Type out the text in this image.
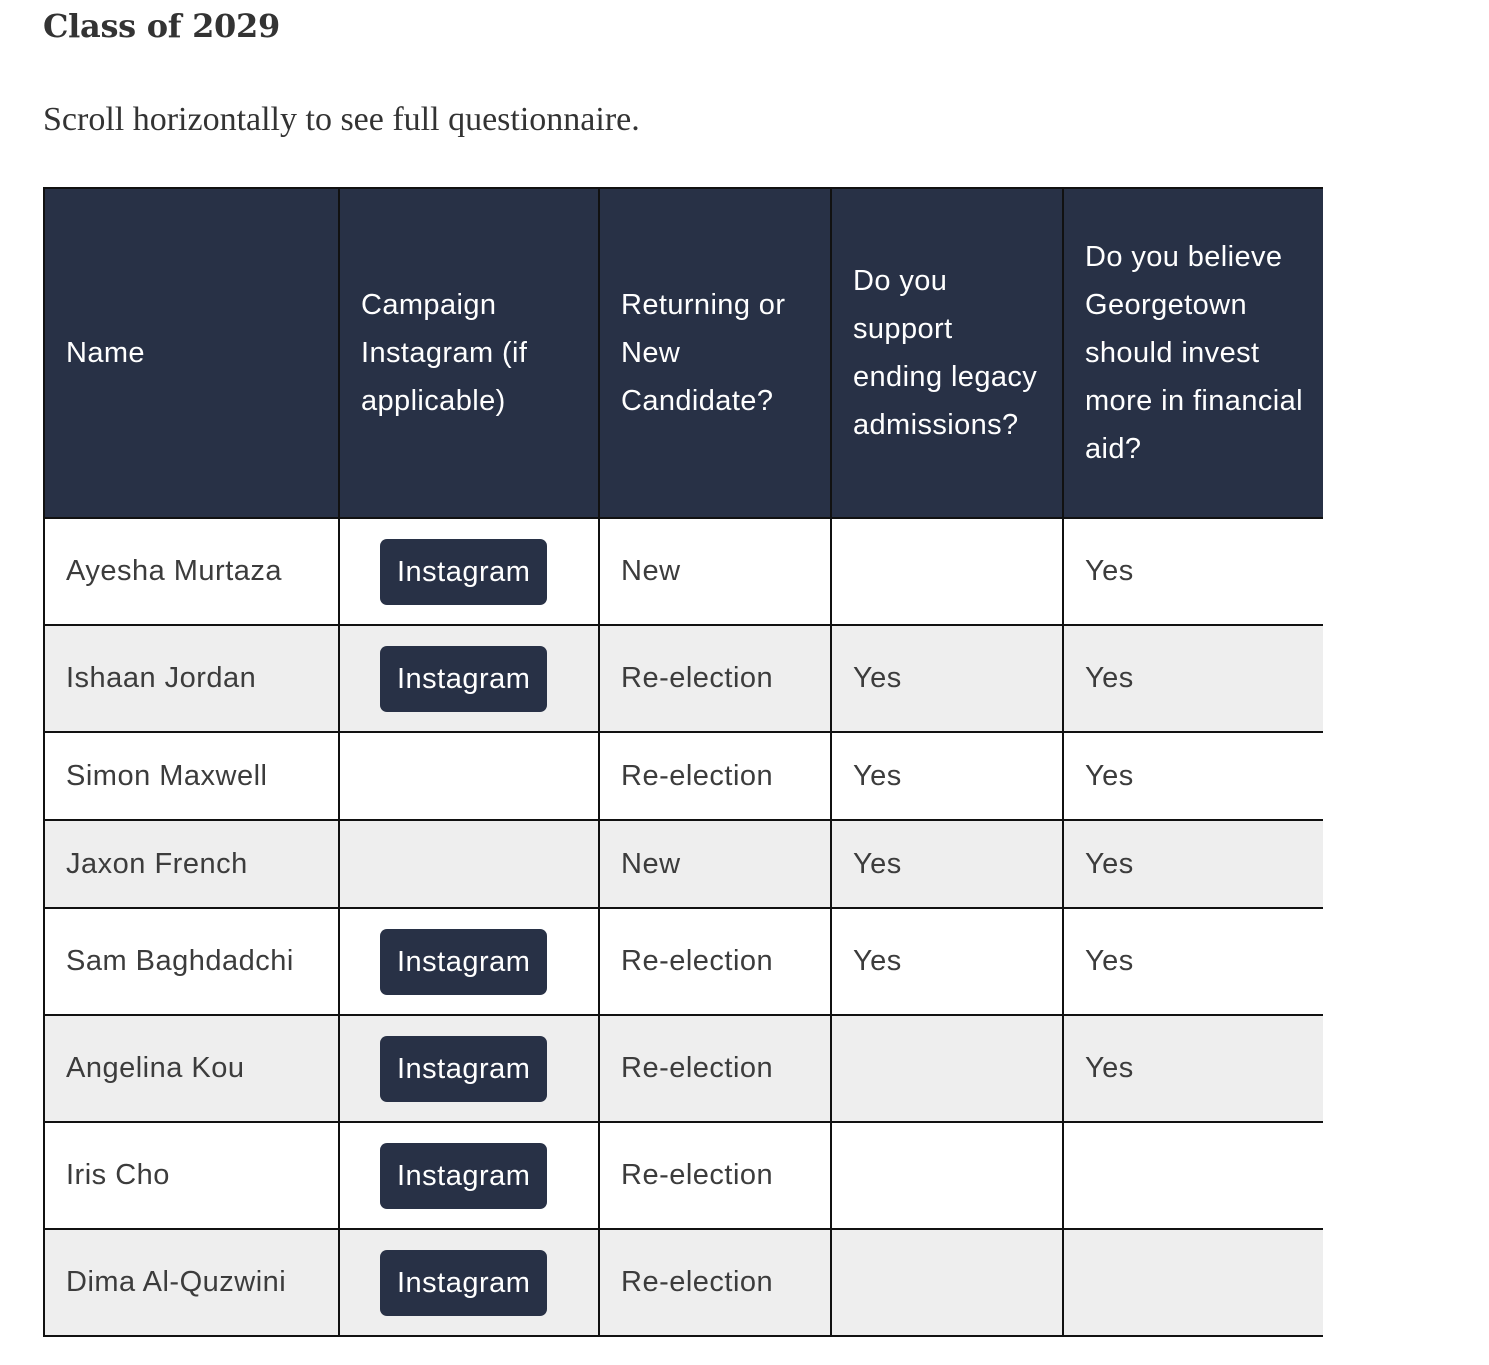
Class of 2029

Scroll horizontally to see full questionnaire.

Name	Campaign Instagram (if applicable)	Returning or New Candidate?	Do you support ending legacy admissions?	Do you believe Georgetown should invest more in financial aid?
Ayesha Murtaza	Instagram	New		Yes
Ishaan Jordan	Instagram	Re-election	Yes	Yes
Simon Maxwell		Re-election	Yes	Yes
Jaxon French		New	Yes	Yes
Sam Baghdadchi	Instagram	Re-election	Yes	Yes
Angelina Kou	Instagram	Re-election		Yes
Iris Cho	Instagram	Re-election		
Dima Al-Quzwini	Instagram	Re-election		
